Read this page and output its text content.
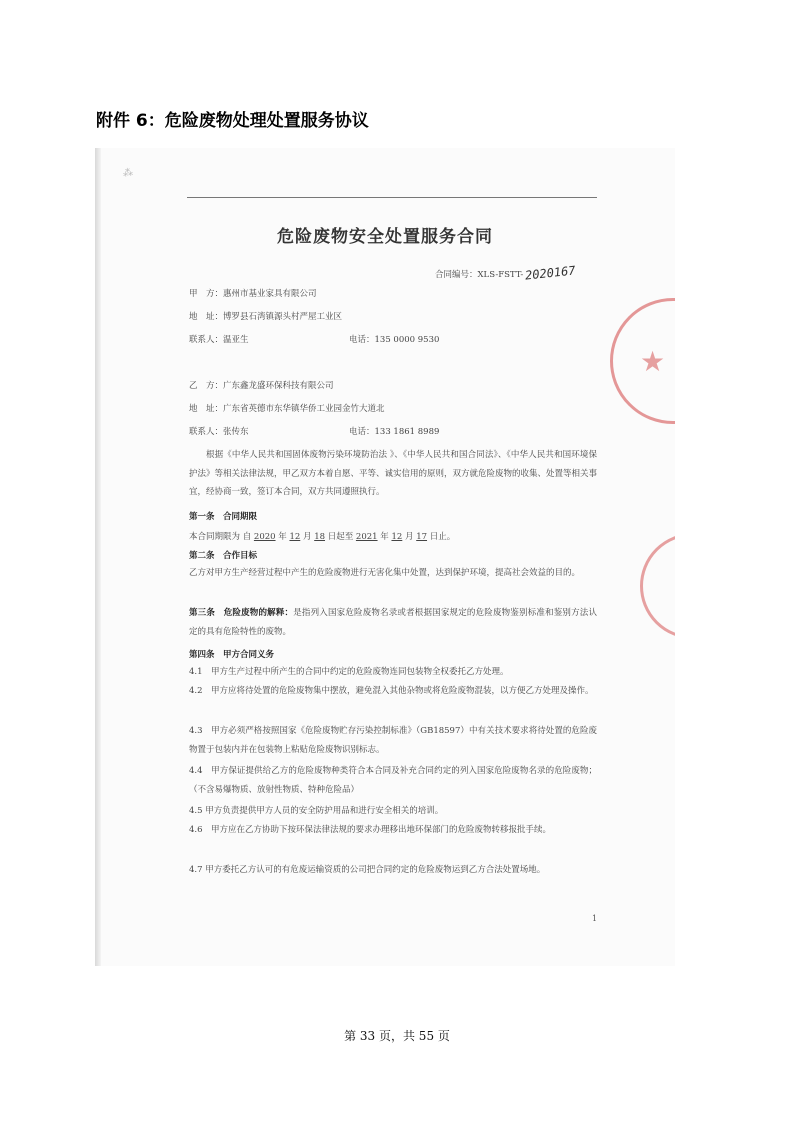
附件 6：危险废物处理处置服务协议
⁂
★
危险废物安全处置服务合同
合同编号：XLS-FSTT-2020167
甲　方：惠州市基业家具有限公司
地　址：博罗县石湾镇源头村严屋工业区
联系人：温亚生	电话：135 0000 9530
乙　方：广东鑫龙盛环保科技有限公司
地　址：广东省英德市东华镇华侨工业园金竹大道北
联系人：张传东	电话：133 1861 8989
根据《中华人民共和国固体废物污染环境防治法 》、《中华人民共和国合同法》、《中华人民共和国环境保护法》等相关法律法规，甲乙双方本着自愿、平等、诚实信用的原则，双方就危险废物的收集、处置等相关事宜，经协商一致，签订本合同，双方共同遵照执行。
第一条　合同期限
本合同期限为 自 2020 年 12 月 18 日起至 2021 年 12 月 17 日止。
第二条　合作目标
乙方对甲方生产经营过程中产生的危险废物进行无害化集中处置，达到保护环境，提高社会效益的目的。
第三条　危险废物的解释：是指列入国家危险废物名录或者根据国家规定的危险废物鉴别标准和鉴别方法认定的具有危险特性的废物。
第四条　甲方合同义务
4.1　甲方生产过程中所产生的合同中约定的危险废物连同包装物全权委托乙方处理。
4.2　甲方应将待处置的危险废物集中摆放，避免混入其他杂物或将危险废物混装，以方便乙方处理及操作。
4.3　甲方必须严格按照国家《危险废物贮存污染控制标准》（GB18597）中有关技术要求将待处置的危险废物置于包装内并在包装物上粘贴危险废物识别标志。
4.4　甲方保证提供给乙方的危险废物种类符合本合同及补充合同约定的列入国家危险废物名录的危险废物；（不含易爆物质、放射性物质、特种危险品）
4.5 甲方负责提供甲方人员的安全防护用品和进行安全相关的培训。
4.6　甲方应在乙方协助下按环保法律法规的要求办理移出地环保部门的危险废物转移报批手续。
4.7 甲方委托乙方认可的有危废运输资质的公司把合同约定的危险废物运到乙方合法处置场地。
1
第 33 页，共 55 页
